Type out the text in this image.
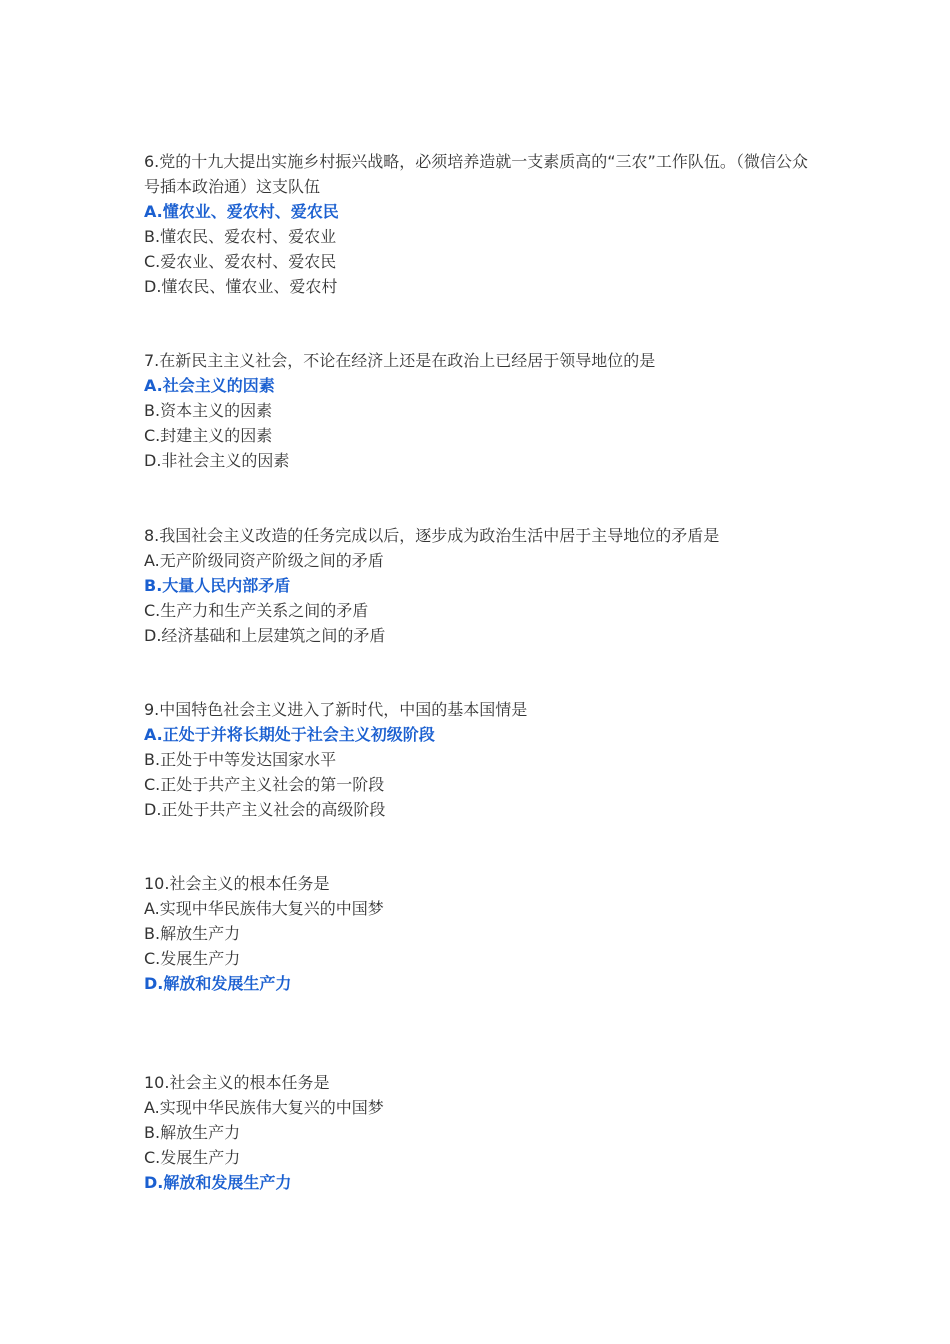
6.党的十九大提出实施乡村振兴战略，必须培养造就一支素质高的“三农”工作队伍。（微信公众号插本政治通）这支队伍

A.懂农业、爱农村、爱农民

B.懂农民、爱农村、爱农业

C.爱农业、爱农村、爱农民

D.懂农民、懂农业、爱农村

7.在新民主主义社会，不论在经济上还是在政治上已经居于领导地位的是

A.社会主义的因素

B.资本主义的因素

C.封建主义的因素

D.非社会主义的因素

8.我国社会主义改造的任务完成以后，逐步成为政治生活中居于主导地位的矛盾是

A.无产阶级同资产阶级之间的矛盾

B.大量人民内部矛盾

C.生产力和生产关系之间的矛盾

D.经济基础和上层建筑之间的矛盾

9.中国特色社会主义进入了新时代，中国的基本国情是

A.正处于并将长期处于社会主义初级阶段

B.正处于中等发达国家水平

C.正处于共产主义社会的第一阶段

D.正处于共产主义社会的高级阶段

10.社会主义的根本任务是

A.实现中华民族伟大复兴的中国梦

B.解放生产力

C.发展生产力

D.解放和发展生产力

10.社会主义的根本任务是

A.实现中华民族伟大复兴的中国梦

B.解放生产力

C.发展生产力

D.解放和发展生产力
